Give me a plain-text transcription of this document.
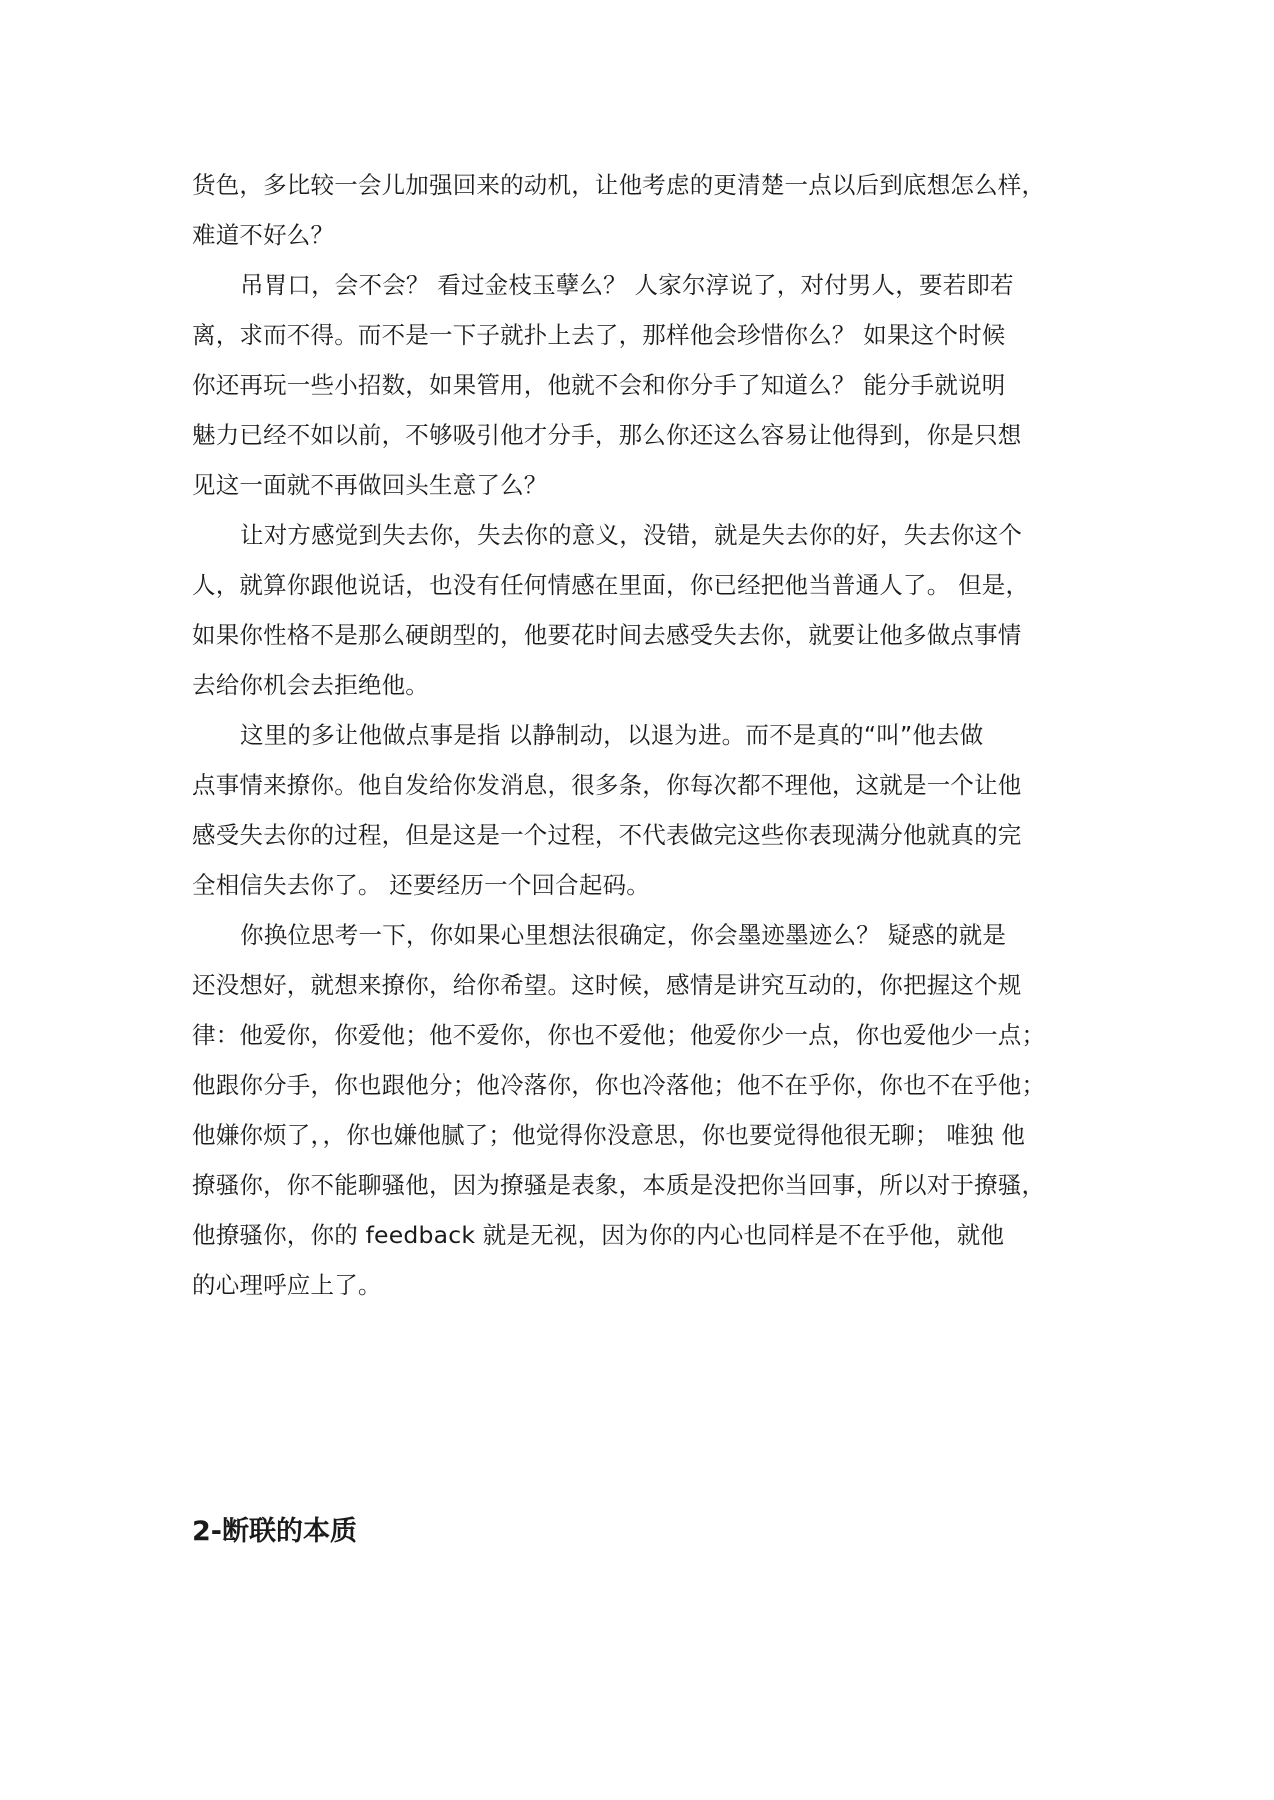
货色，多比较一会儿加强回来的动机，让他考虑的更清楚一点以后到底想怎么样，
难道不好么？
吊胃口，会不会？ 看过金枝玉孽么？ 人家尔淳说了，对付男人，要若即若
离，求而不得。而不是一下子就扑上去了，那样他会珍惜你么？ 如果这个时候
你还再玩一些小招数，如果管用，他就不会和你分手了知道么？ 能分手就说明
魅力已经不如以前，不够吸引他才分手，那么你还这么容易让他得到，你是只想
见这一面就不再做回头生意了么？
让对方感觉到失去你，失去你的意义，没错，就是失去你的好，失去你这个
人，就算你跟他说话，也没有任何情感在里面，你已经把他当普通人了。 但是，
如果你性格不是那么硬朗型的，他要花时间去感受失去你，就要让他多做点事情
去给你机会去拒绝他。
这里的多让他做点事是指 以静制动，以退为进。而不是真的“叫”他去做
点事情来撩你。他自发给你发消息，很多条，你每次都不理他，这就是一个让他
感受失去你的过程，但是这是一个过程，不代表做完这些你表现满分他就真的完
全相信失去你了。 还要经历一个回合起码。
你换位思考一下，你如果心里想法很确定，你会墨迹墨迹么？ 疑惑的就是
还没想好，就想来撩你，给你希望。这时候，感情是讲究互动的，你把握这个规
律：他爱你，你爱他；他不爱你，你也不爱他；他爱你少一点，你也爱他少一点；
他跟你分手，你也跟他分；他冷落你，你也冷落他；他不在乎你，你也不在乎他；
他嫌你烦了，，你也嫌他腻了；他觉得你没意思，你也要觉得他很无聊； 唯独 他
撩骚你，你不能聊骚他，因为撩骚是表象，本质是没把你当回事，所以对于撩骚，
他撩骚你，你的 feedback 就是无视，因为你的内心也同样是不在乎他，就他
的心理呼应上了。
2-断联的本质
